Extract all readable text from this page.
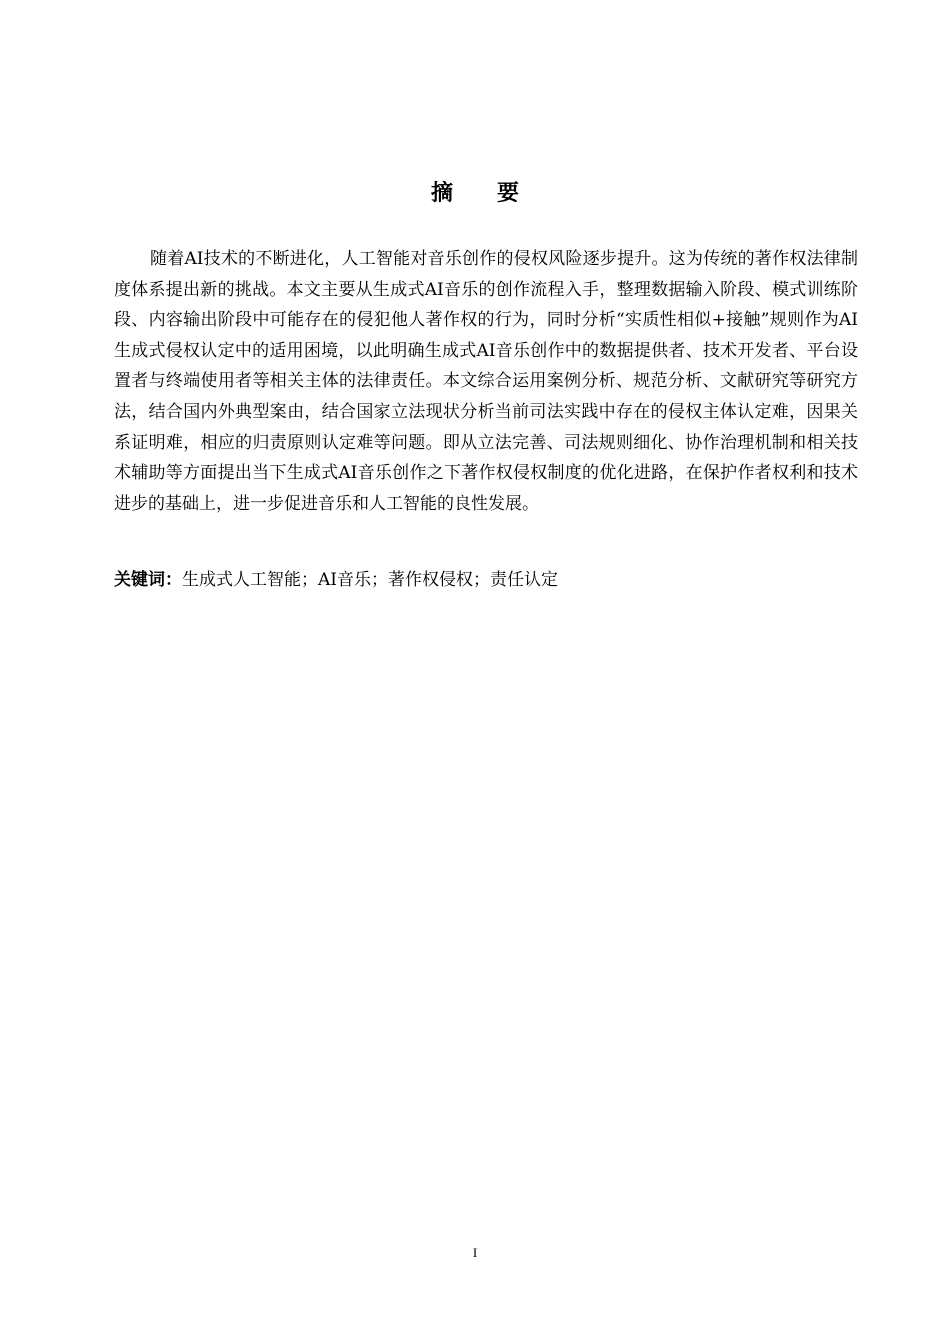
摘 要

随着AI技术的不断进化，人工智能对音乐创作的侵权风险逐步提升。这为传统的著作权法律制度体系提出新的挑战。本文主要从生成式AI音乐的创作流程入手，整理数据输入阶段、模式训练阶段、内容输出阶段中可能存在的侵犯他人著作权的行为，同时分析“实质性相似+接触”规则作为AI生成式侵权认定中的适用困境，以此明确生成式AI音乐创作中的数据提供者、技术开发者、平台设置者与终端使用者等相关主体的法律责任。本文综合运用案例分析、规范分析、文献研究等研究方法，结合国内外典型案由，结合国家立法现状分析当前司法实践中存在的侵权主体认定难，因果关系证明难，相应的归责原则认定难等问题。即从立法完善、司法规则细化、协作治理机制和相关技术辅助等方面提出当下生成式AI音乐创作之下著作权侵权制度的优化进路，在保护作者权利和技术进步的基础上，进一步促进音乐和人工智能的良性发展。

关键词：生成式人工智能；AI音乐；著作权侵权；责任认定

I
